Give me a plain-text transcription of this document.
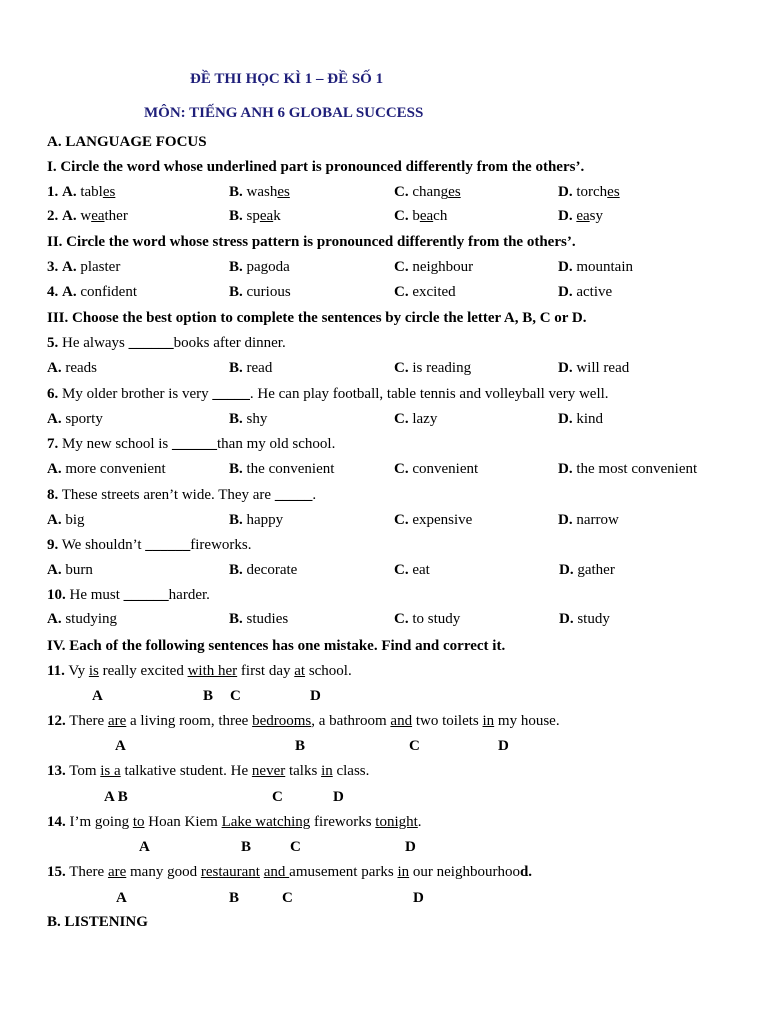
ĐỀ THI HỌC KÌ 1 – ĐỀ SỐ 1
MÔN: TIẾNG ANH 6 GLOBAL SUCCESS
A. LANGUAGE FOCUS
I. Circle the word whose underlined part is pronounced differently from the others’.
1. A. tables	B. washes	C. changes	D. torches
2. A. weather	B. speak	C. beach	D. easy
II. Circle the word whose stress pattern is pronounced differently from the others’.
3. A. plaster	B. pagoda	C. neighbour	D. mountain
4. A. confident	B. curious	C. excited	D. active
III. Choose the best option to complete the sentences by circle the letter A, B, C or D.
5. He always ______books after dinner.
A. reads	B. read	C. is reading	D. will read
6. My older brother is very _____. He can play football, table tennis and volleyball very well.
A. sporty	B. shy	C. lazy	D. kind
7. My new school is ______than my old school.
A. more convenient	B. the convenient	C. convenient	D. the most convenient
8. These streets aren’t wide. They are _____.
A. big	B. happy	C. expensive	D. narrow
9. We shouldn’t ______fireworks.
A. burn	B. decorate	C. eat	D. gather
10. He must ______harder.
A. studying	B. studies	C. to study	D. study
IV. Each of the following sentences has one mistake. Find and correct it.
11. Vy is really excited with her first day at school.
A	B C	D
12. There are a living room, three bedrooms, a bathroom and two toilets in my house.
A	B	C	D
13. Tom is a talkative student. He never talks in class.
A B	C	D
14. I’m going to Hoan Kiem Lake watching fireworks tonight.
A	B	C	D
15. There are many good restaurant and amusement parks in our neighbourhood.
A	B	C	D
B. LISTENING
